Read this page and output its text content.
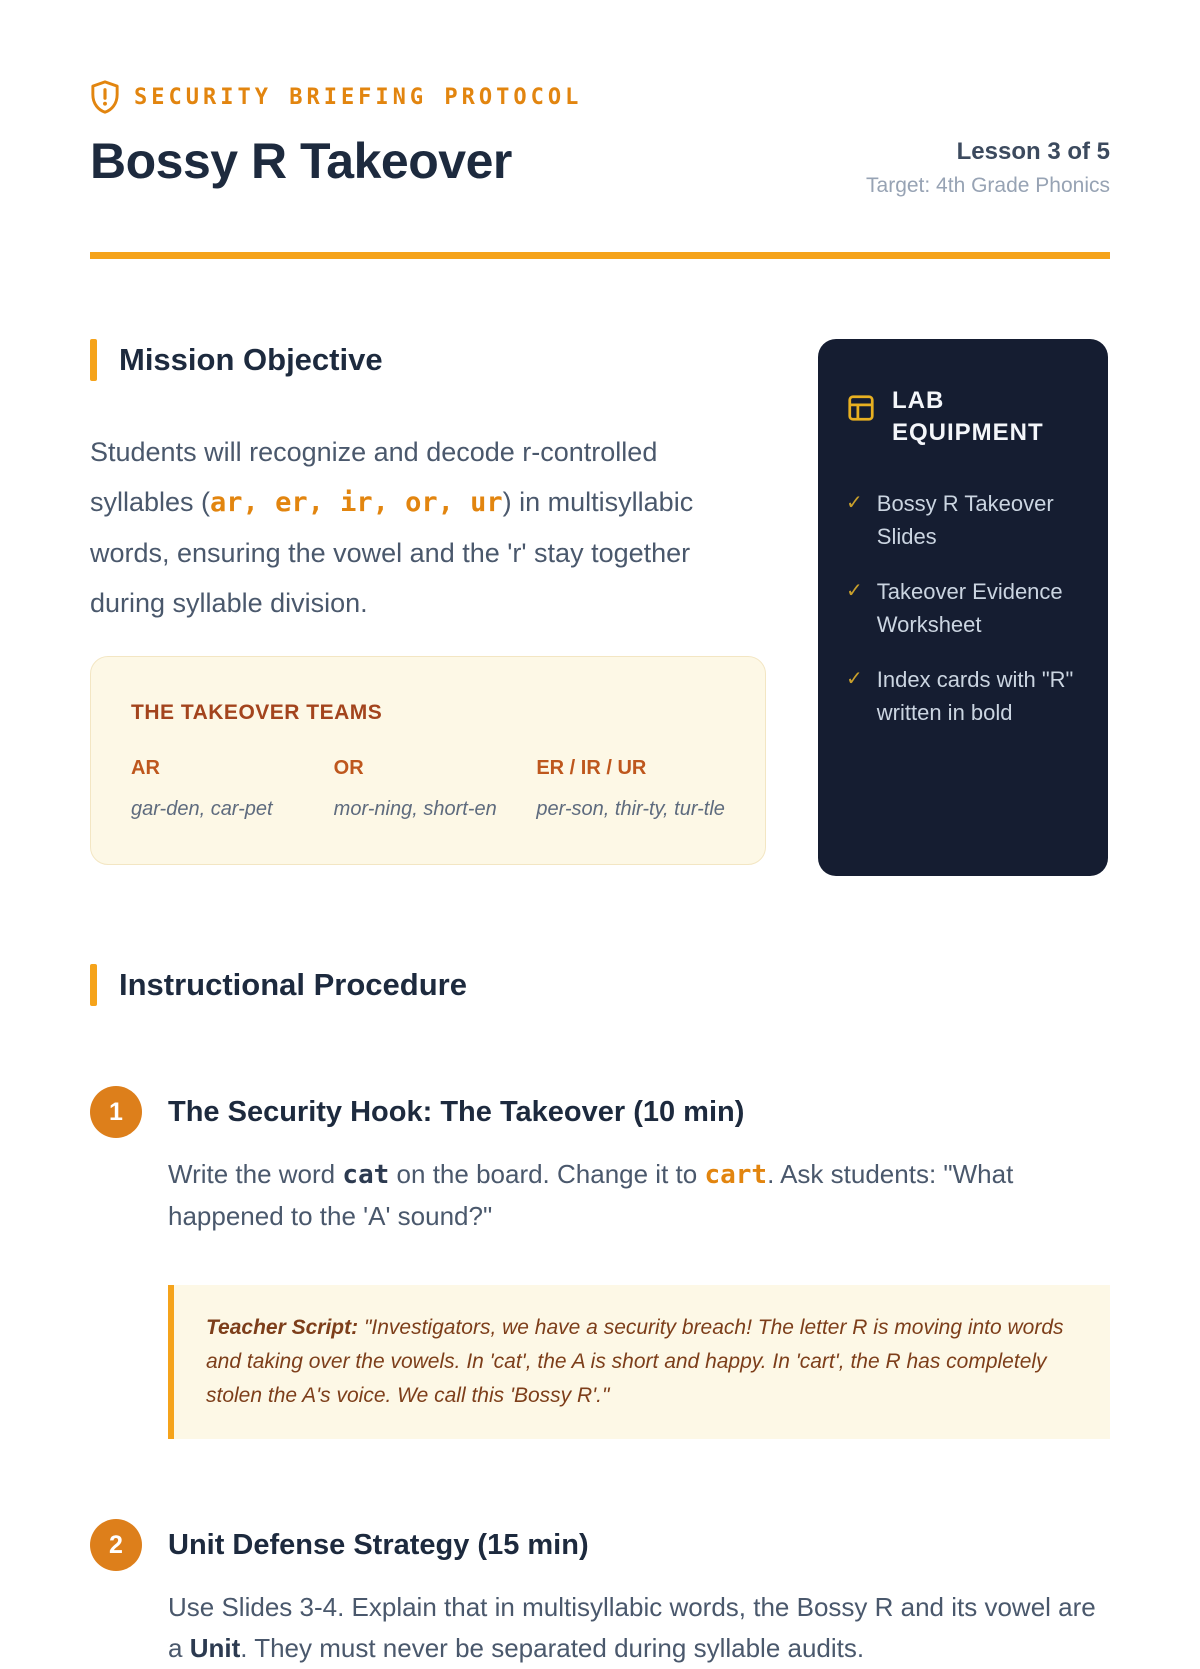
SECURITY BRIEFING PROTOCOL
Bossy R Takeover	Lesson 3 of 5
Target: 4th Grade Phonics
Mission Objective

Students will recognize and decode r-controlled syllables (ar, er, ir, or, ur) in multisyllabic words, ensuring the vowel and the 'r' stay together during syllable division.

THE TAKEOVER TEAMS
AR
gar-den, car-pet
OR
mor-ning, short-en
ER / IR / UR
per-son, thir-ty, tur-tle
LAB EQUIPMENT
✓ Bossy R Takeover Slides
✓ Takeover Evidence Worksheet
✓ Index cards with "R" written in bold
Instructional Procedure
1	The Security Hook: The Takeover (10 min)

Write the word cat on the board. Change it to cart. Ask students: "What happened to the 'A' sound?"

Teacher Script: "Investigators, we have a security breach! The letter R is moving into words and taking over the vowels. In 'cat', the A is short and happy. In 'cart', the R has completely stolen the A's voice. We call this 'Bossy R'."

2	Unit Defense Strategy (15 min)

Use Slides 3-4. Explain that in multisyllabic words, the Bossy R and its vowel are a Unit. They must never be separated during syllable audits.
